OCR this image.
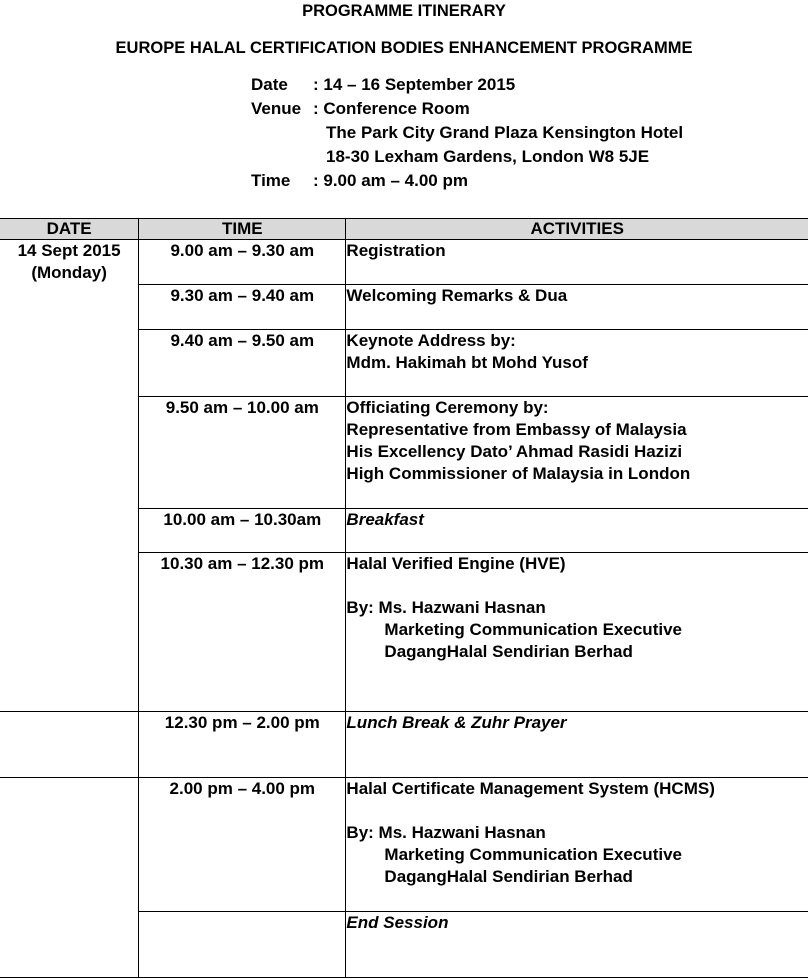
PROGRAMME ITINERARY
EUROPE HALAL CERTIFICATION BODIES ENHANCEMENT PROGRAMME
Date : 14 – 16 September 2015
Venue : Conference Room
The Park City Grand Plaza Kensington Hotel
18-30 Lexham Gardens, London W8 5JE
Time : 9.00 am – 4.00 pm
DATE	TIME	ACTIVITIES

14 Sept 2015
(Monday)	9.00 am – 9.30 am	Registration

	9.30 am – 9.40 am	Welcoming Remarks & Dua

	9.40 am – 9.50 am	Keynote Address by:
Mdm. Hakimah bt Mohd Yusof

	9.50 am – 10.00 am	Officiating Ceremony by:
Representative from Embassy of Malaysia
His Excellency Dato’ Ahmad Rasidi Hazizi
High Commissioner of Malaysia in London

	10.00 am – 10.30am	Breakfast

	10.30 am – 12.30 pm	Halal Verified Engine (HVE)
By: Ms. Hazwani Hasnan
Marketing Communication Executive
DagangHalal Sendirian Berhad

	12.30 pm – 2.00 pm	Lunch Break & Zuhr Prayer

	2.00 pm – 4.00 pm	Halal Certificate Management System (HCMS)
By: Ms. Hazwani Hasnan
Marketing Communication Executive
DagangHalal Sendirian Berhad

		End Session
